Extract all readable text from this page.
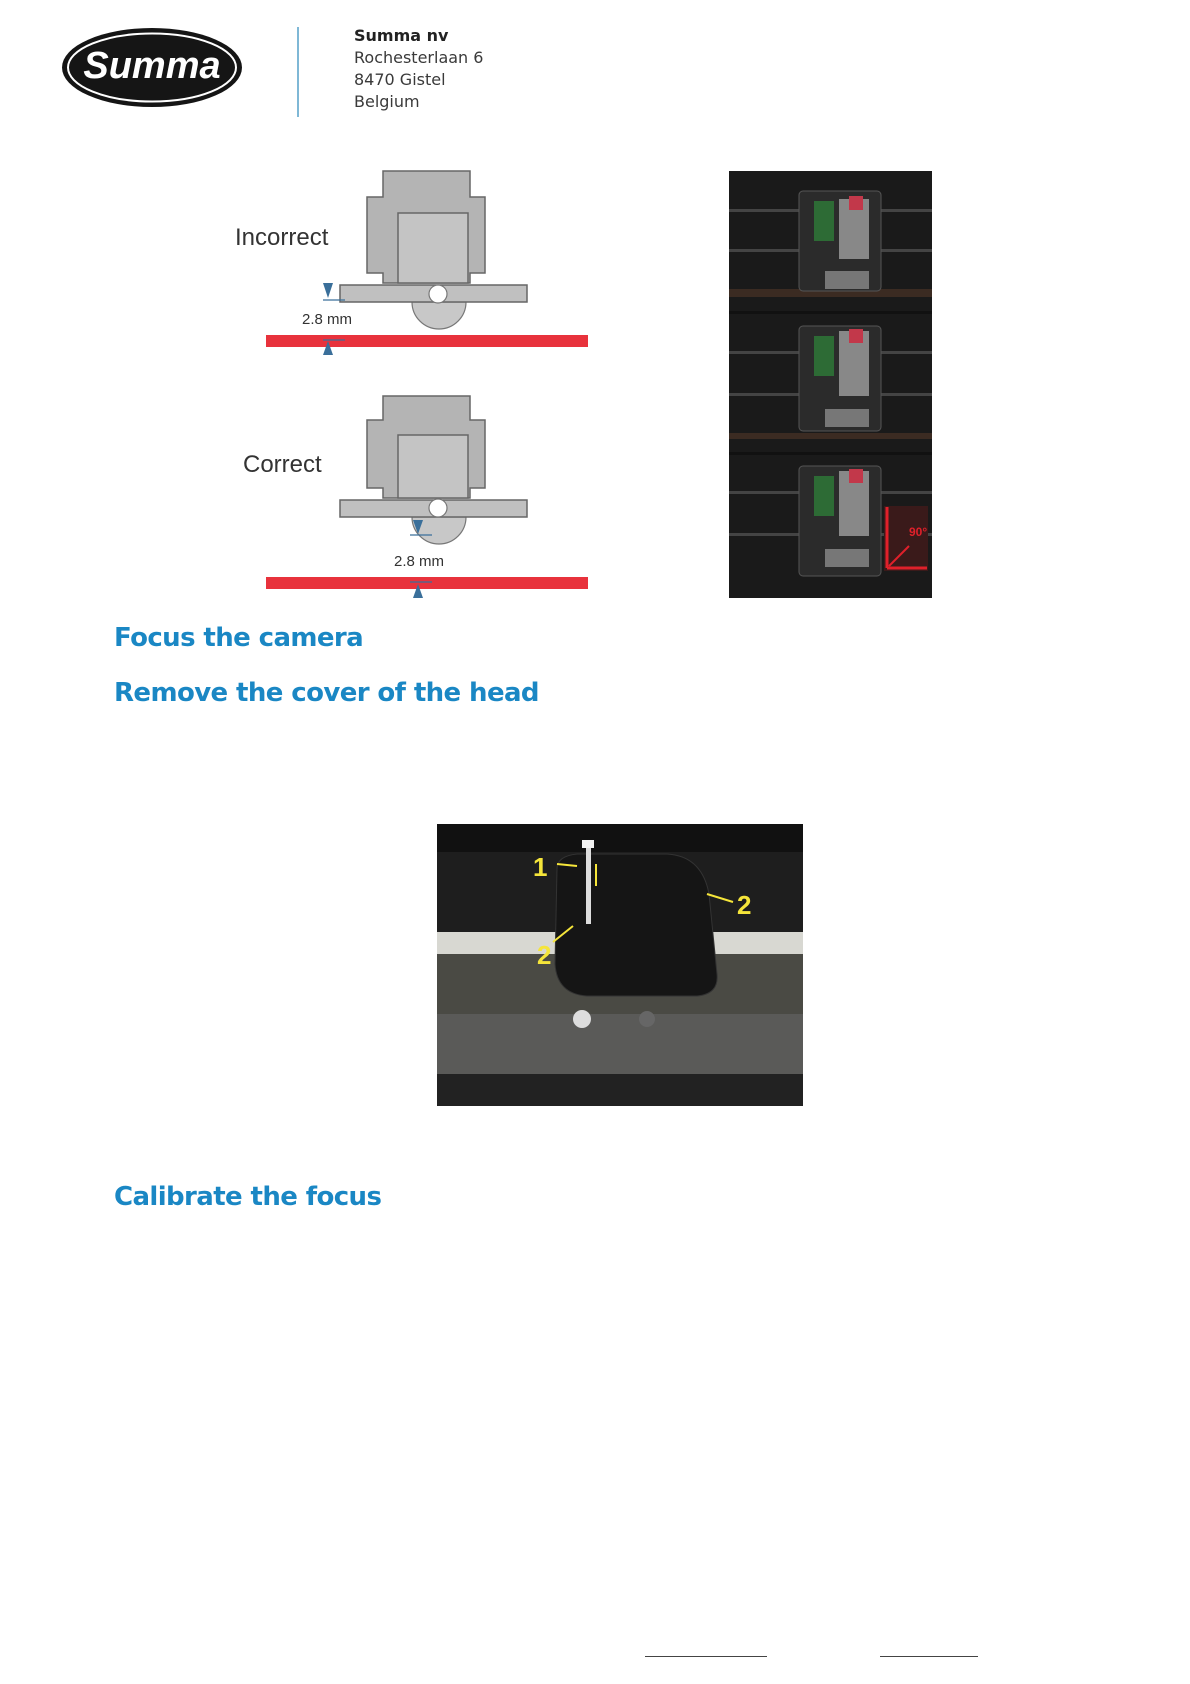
Summa
Summa nv
Rochesterlaan 6
8470 Gistel
Belgium
Incorrect
2.8 mm
Correct
2.8 mm
90°
Focus the camera
Remove the cover of the head
1
2
2
Calibrate the focus
